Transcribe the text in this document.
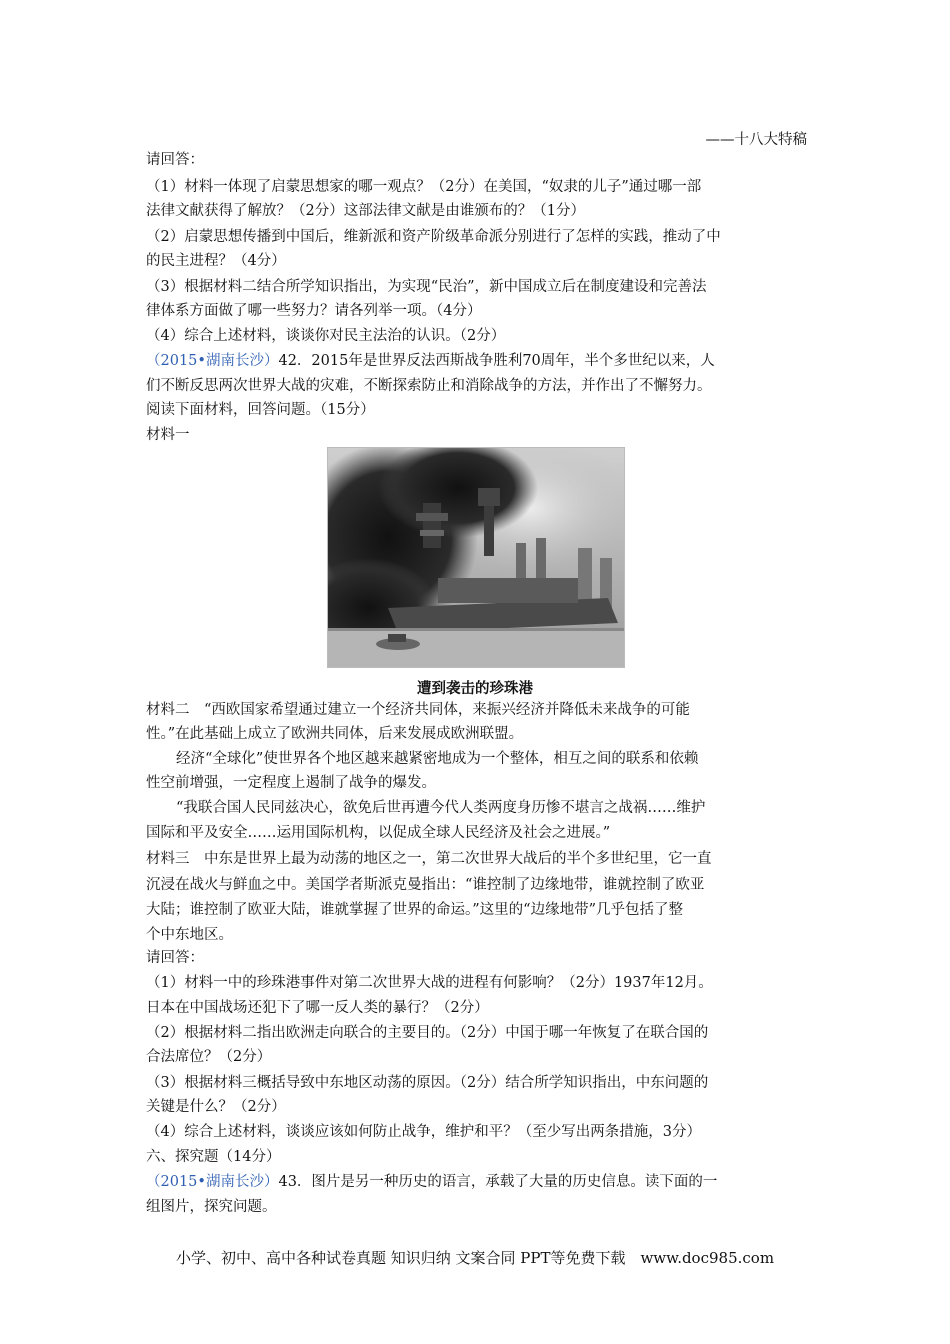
——十八大特稿
请回答：
（1）材料一体现了启蒙思想家的哪一观点？（2分）在美国，“奴隶的儿子”通过哪一部
法律文献获得了解放？（2分）这部法律文献是由谁颁布的？（1分）
（2）启蒙思想传播到中国后，维新派和资产阶级革命派分别进行了怎样的实践，推动了中
的民主进程？（4分）
（3）根据材料二结合所学知识指出，为实现“民治”，新中国成立后在制度建设和完善法
律体系方面做了哪一些努力？请各列举一项。（4分）
（4）综合上述材料，谈谈你对民主法治的认识。（2分）
（2015•湖南长沙）42．2015年是世界反法西斯战争胜利70周年，半个多世纪以来，人
们不断反思两次世界大战的灾难，不断探索防止和消除战争的方法，并作出了不懈努力。
阅读下面材料，回答问题。（15分）
材料一
遭到袭击的珍珠港
材料二　“西欧国家希望通过建立一个经济共同体，来振兴经济并降低未来战争的可能
性。”在此基础上成立了欧洲共同体，后来发展成欧洲联盟。
经济“全球化”使世界各个地区越来越紧密地成为一个整体，相互之间的联系和依赖
性空前增强，一定程度上遏制了战争的爆发。
“我联合国人民同兹决心，欲免后世再遭今代人类两度身历惨不堪言之战祸……维护
国际和平及安全……运用国际机构，以促成全球人民经济及社会之进展。”
材料三　中东是世界上最为动荡的地区之一，第二次世界大战后的半个多世纪里，它一直
沉浸在战火与鲜血之中。美国学者斯派克曼指出：“谁控制了边缘地带，谁就控制了欧亚
大陆；谁控制了欧亚大陆，谁就掌握了世界的命运。”这里的“边缘地带”几乎包括了整
个中东地区。
请回答：
（1）材料一中的珍珠港事件对第二次世界大战的进程有何影响？（2分）1937年12月。
日本在中国战场还犯下了哪一反人类的暴行？（2分）
（2）根据材料二指出欧洲走向联合的主要目的。（2分）中国于哪一年恢复了在联合国的
合法席位？（2分）
（3）根据材料三概括导致中东地区动荡的原因。（2分）结合所学知识指出，中东问题的
关键是什么？（2分）
（4）综合上述材料，谈谈应该如何防止战争，维护和平？（至少写出两条措施，3分）
六、探究题（14分）
（2015•湖南长沙）43．图片是另一种历史的语言，承载了大量的历史信息。读下面的一
组图片，探究问题。
小学、初中、高中各种试卷真题 知识归纳 文案合同 PPT等免费下载　www.doc985.com
